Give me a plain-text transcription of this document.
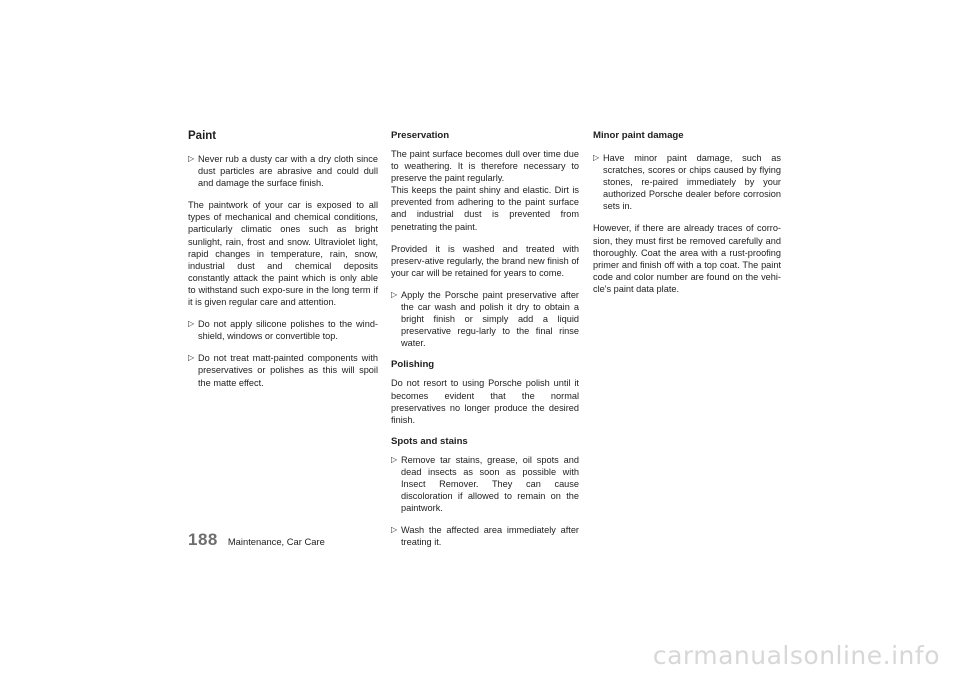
Paint
▷ Never rub a dusty car with a dry cloth since dust particles are abrasive and could dull and damage the surface finish.

The paintwork of your car is exposed to all types of mechanical and chemical conditions, particularly climatic ones such as bright sunlight, rain, frost and snow. Ultraviolet light, rapid changes in temperature, rain, snow, industrial dust and chemical deposits constantly attack the paint which is only able to withstand such expo-sure in the long term if it is given regular care and attention.

▷ Do not apply silicone polishes to the wind-shield, windows or convertible top.
▷ Do not treat matt-painted components with preservatives or polishes as this will spoil the matte effect.
Preservation

The paint surface becomes dull over time due to weathering. It is therefore necessary to preserve the paint regularly.

This keeps the paint shiny and elastic. Dirt is prevented from adhering to the paint surface and industrial dust is prevented from penetrating the paint.

Provided it is washed and treated with preserv-ative regularly, the brand new finish of your car will be retained for years to come.

▷ Apply the Porsche paint preservative after the car wash and polish it dry to obtain a bright finish or simply add a liquid preservative regu-larly to the final rinse water.
Polishing

Do not resort to using Porsche polish until it becomes evident that the normal preservatives no longer produce the desired finish.

Spots and stains
▷ Remove tar stains, grease, oil spots and dead insects as soon as possible with Insect Remover. They can cause discoloration if allowed to remain on the paintwork.
▷ Wash the affected area immediately after treating it.
Minor paint damage
▷ Have minor paint damage, such as scratches, scores or chips caused by flying stones, re-paired immediately by your authorized Porsche dealer before corrosion sets in.

However, if there are already traces of corro-sion, they must first be removed carefully and thoroughly. Coat the area with a rust-proofing primer and finish off with a top coat. The paint code and color number are found on the vehi-cle's paint data plate.

188 Maintenance, Car Care
carmanualsonline.info
